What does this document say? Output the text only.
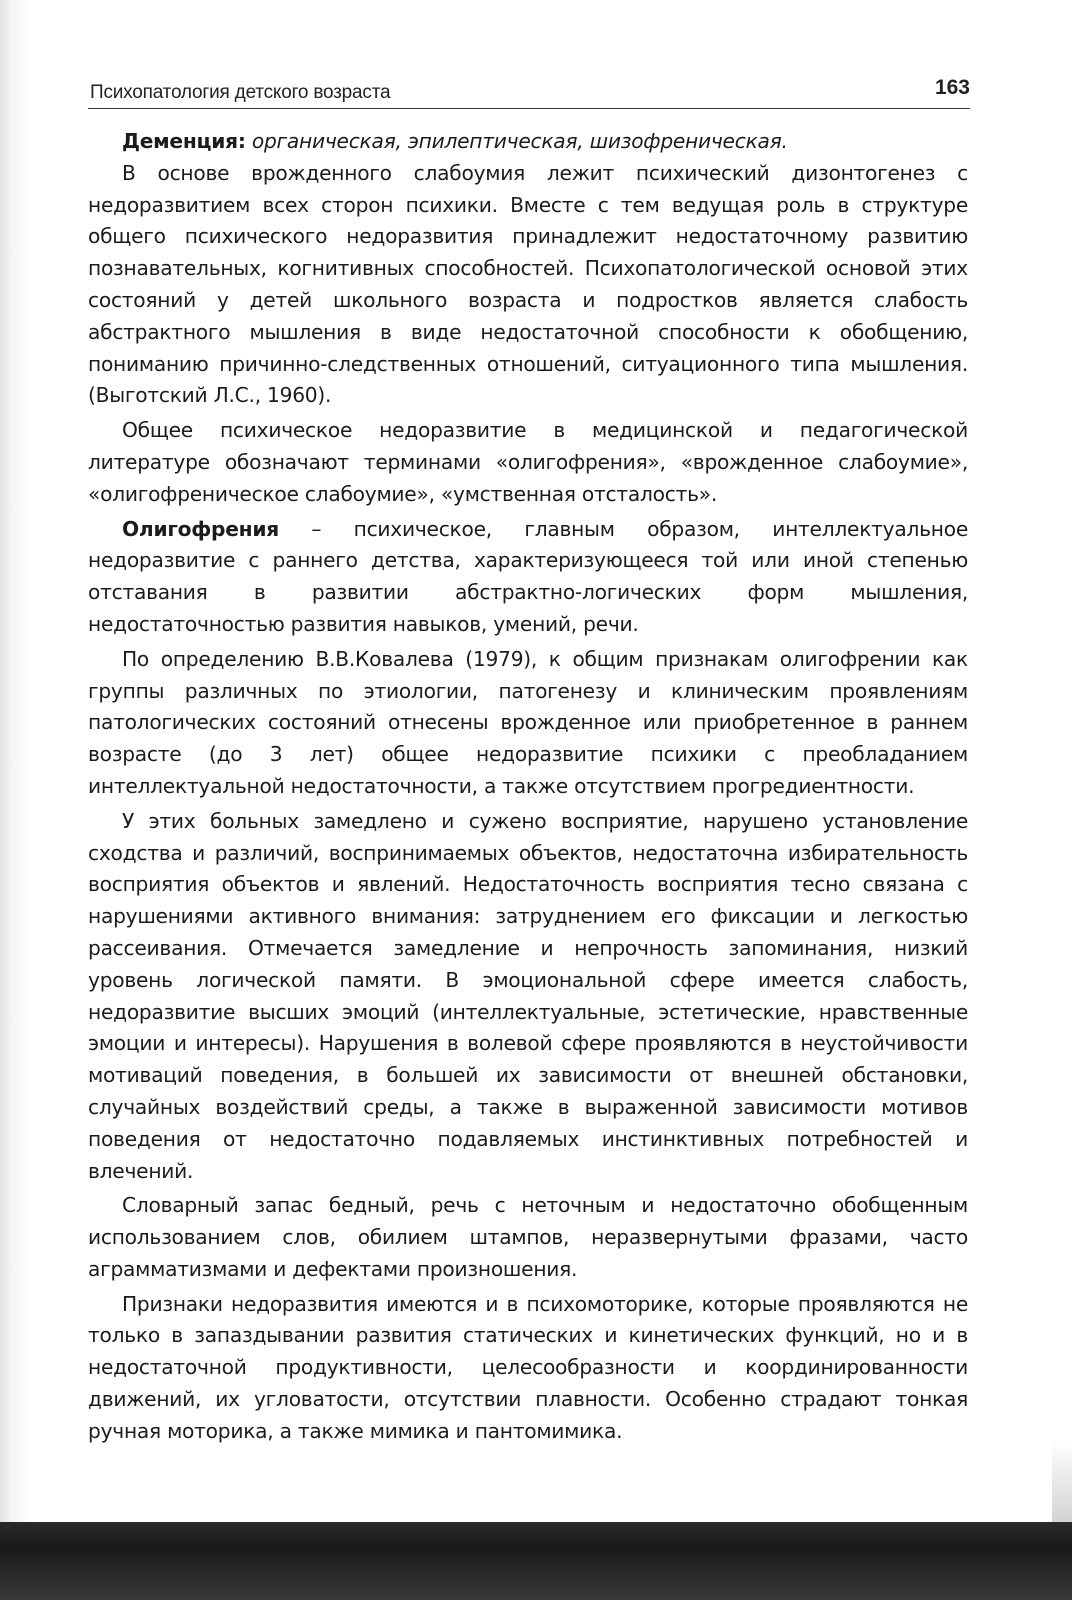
Психопатология детского возраста	163

Деменция: органическая, эпилептическая, шизофреническая.

В основе врожденного слабоумия лежит психический дизонтогенез с недоразвитием всех сторон психики. Вместе с тем ведущая роль в структуре общего психического недоразвития принадлежит недостаточному развитию познавательных, когнитивных способностей. Психопатологической основой этих состояний у детей школьного возраста и подростков является слабость абстрактного мышления в виде недостаточной способности к обобщению, пониманию причинно-следственных отношений, ситуационного типа мышления. (Выготский Л.С., 1960).

Общее психическое недоразвитие в медицинской и педагогической литературе обозначают терминами «олигофрения», «врожденное слабоумие», «олигофреническое слабоумие», «умственная отсталость».

Олигофрения – психическое, главным образом, интеллектуальное недоразвитие с раннего детства, характеризующееся той или иной степенью отставания в развитии абстрактно-логических форм мышления, недостаточностью развития навыков, умений, речи.

По определению В.В.Ковалева (1979), к общим признакам олигофрении как группы различных по этиологии, патогенезу и клиническим проявлениям патологических состояний отнесены врожденное или приобретенное в раннем возрасте (до 3 лет) общее недоразвитие психики с преобладанием интеллектуальной недостаточности, а также отсутствием прогредиентности.

У этих больных замедлено и сужено восприятие, нарушено установление сходства и различий, воспринимаемых объектов, недостаточна избирательность восприятия объектов и явлений. Недостаточность восприятия тесно связана с нарушениями активного внимания: затруднением его фиксации и легкостью рассеивания. Отмечается замедление и непрочность запоминания, низкий уровень логической памяти. В эмоциональной сфере имеется слабость, недоразвитие высших эмоций (интеллектуальные, эстетические, нравственные эмоции и интересы). Нарушения в волевой сфере проявляются в неустойчивости мотиваций поведения, в большей их зависимости от внешней обстановки, случайных воздействий среды, а также в выраженной зависимости мотивов поведения от недостаточно подавляемых инстинктивных потребностей и влечений.

Словарный запас бедный, речь с неточным и недостаточно обобщенным использованием слов, обилием штампов, неразвернутыми фразами, часто аграмматизмами и дефектами произношения.

Признаки недоразвития имеются и в психомоторике, которые проявляются не только в запаздывании развития статических и кинетических функций, но и в недостаточной продуктивности, целесообразности и координированности движений, их угловатости, отсутствии плавности. Особенно страдают тонкая ручная моторика, а также мимика и пантомимика.
